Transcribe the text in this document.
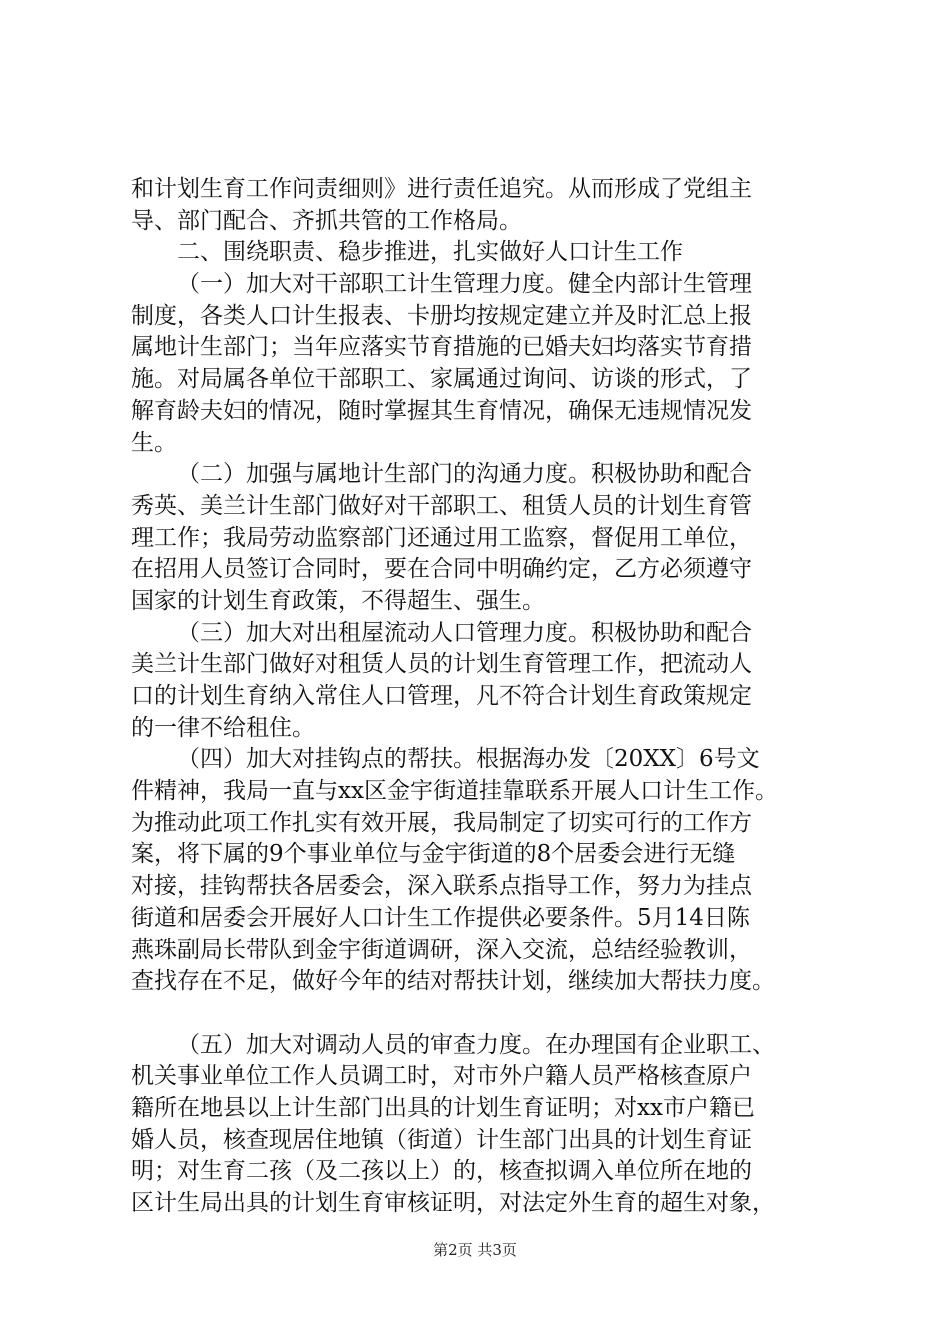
和计划生育工作问责细则》进行责任追究。从而形成了党组主
导、部门配合、齐抓共管的工作格局。
二、围绕职责、稳步推进，扎实做好人口计生工作
（一）加大对干部职工计生管理力度。健全内部计生管理
制度，各类人口计生报表、卡册均按规定建立并及时汇总上报
属地计生部门；当年应落实节育措施的已婚夫妇均落实节育措
施。对局属各单位干部职工、家属通过询问、访谈的形式，了
解育龄夫妇的情况，随时掌握其生育情况，确保无违规情况发
生。
（二）加强与属地计生部门的沟通力度。积极协助和配合
秀英、美兰计生部门做好对干部职工、租赁人员的计划生育管
理工作；我局劳动监察部门还通过用工监察，督促用工单位，
在招用人员签订合同时，要在合同中明确约定，乙方必须遵守
国家的计划生育政策，不得超生、强生。
（三）加大对出租屋流动人口管理力度。积极协助和配合
美兰计生部门做好对租赁人员的计划生育管理工作，把流动人
口的计划生育纳入常住人口管理，凡不符合计划生育政策规定
的一律不给租住。
（四）加大对挂钩点的帮扶。根据海办发〔20XX〕6号文
件精神，我局一直与xx区金宇街道挂靠联系开展人口计生工作。
为推动此项工作扎实有效开展，我局制定了切实可行的工作方
案，将下属的9个事业单位与金宇街道的8个居委会进行无缝
对接，挂钩帮扶各居委会，深入联系点指导工作，努力为挂点
街道和居委会开展好人口计生工作提供必要条件。5月14日陈
燕珠副局长带队到金宇街道调研，深入交流，总结经验教训，
查找存在不足，做好今年的结对帮扶计划，继续加大帮扶力度。
（五）加大对调动人员的审查力度。在办理国有企业职工、
机关事业单位工作人员调工时，对市外户籍人员严格核查原户
籍所在地县以上计生部门出具的计划生育证明；对xx市户籍已
婚人员，核查现居住地镇（街道）计生部门出具的计划生育证
明；对生育二孩（及二孩以上）的，核查拟调入单位所在地的
区计生局出具的计划生育审核证明，对法定外生育的超生对象，
第2页 共3页
